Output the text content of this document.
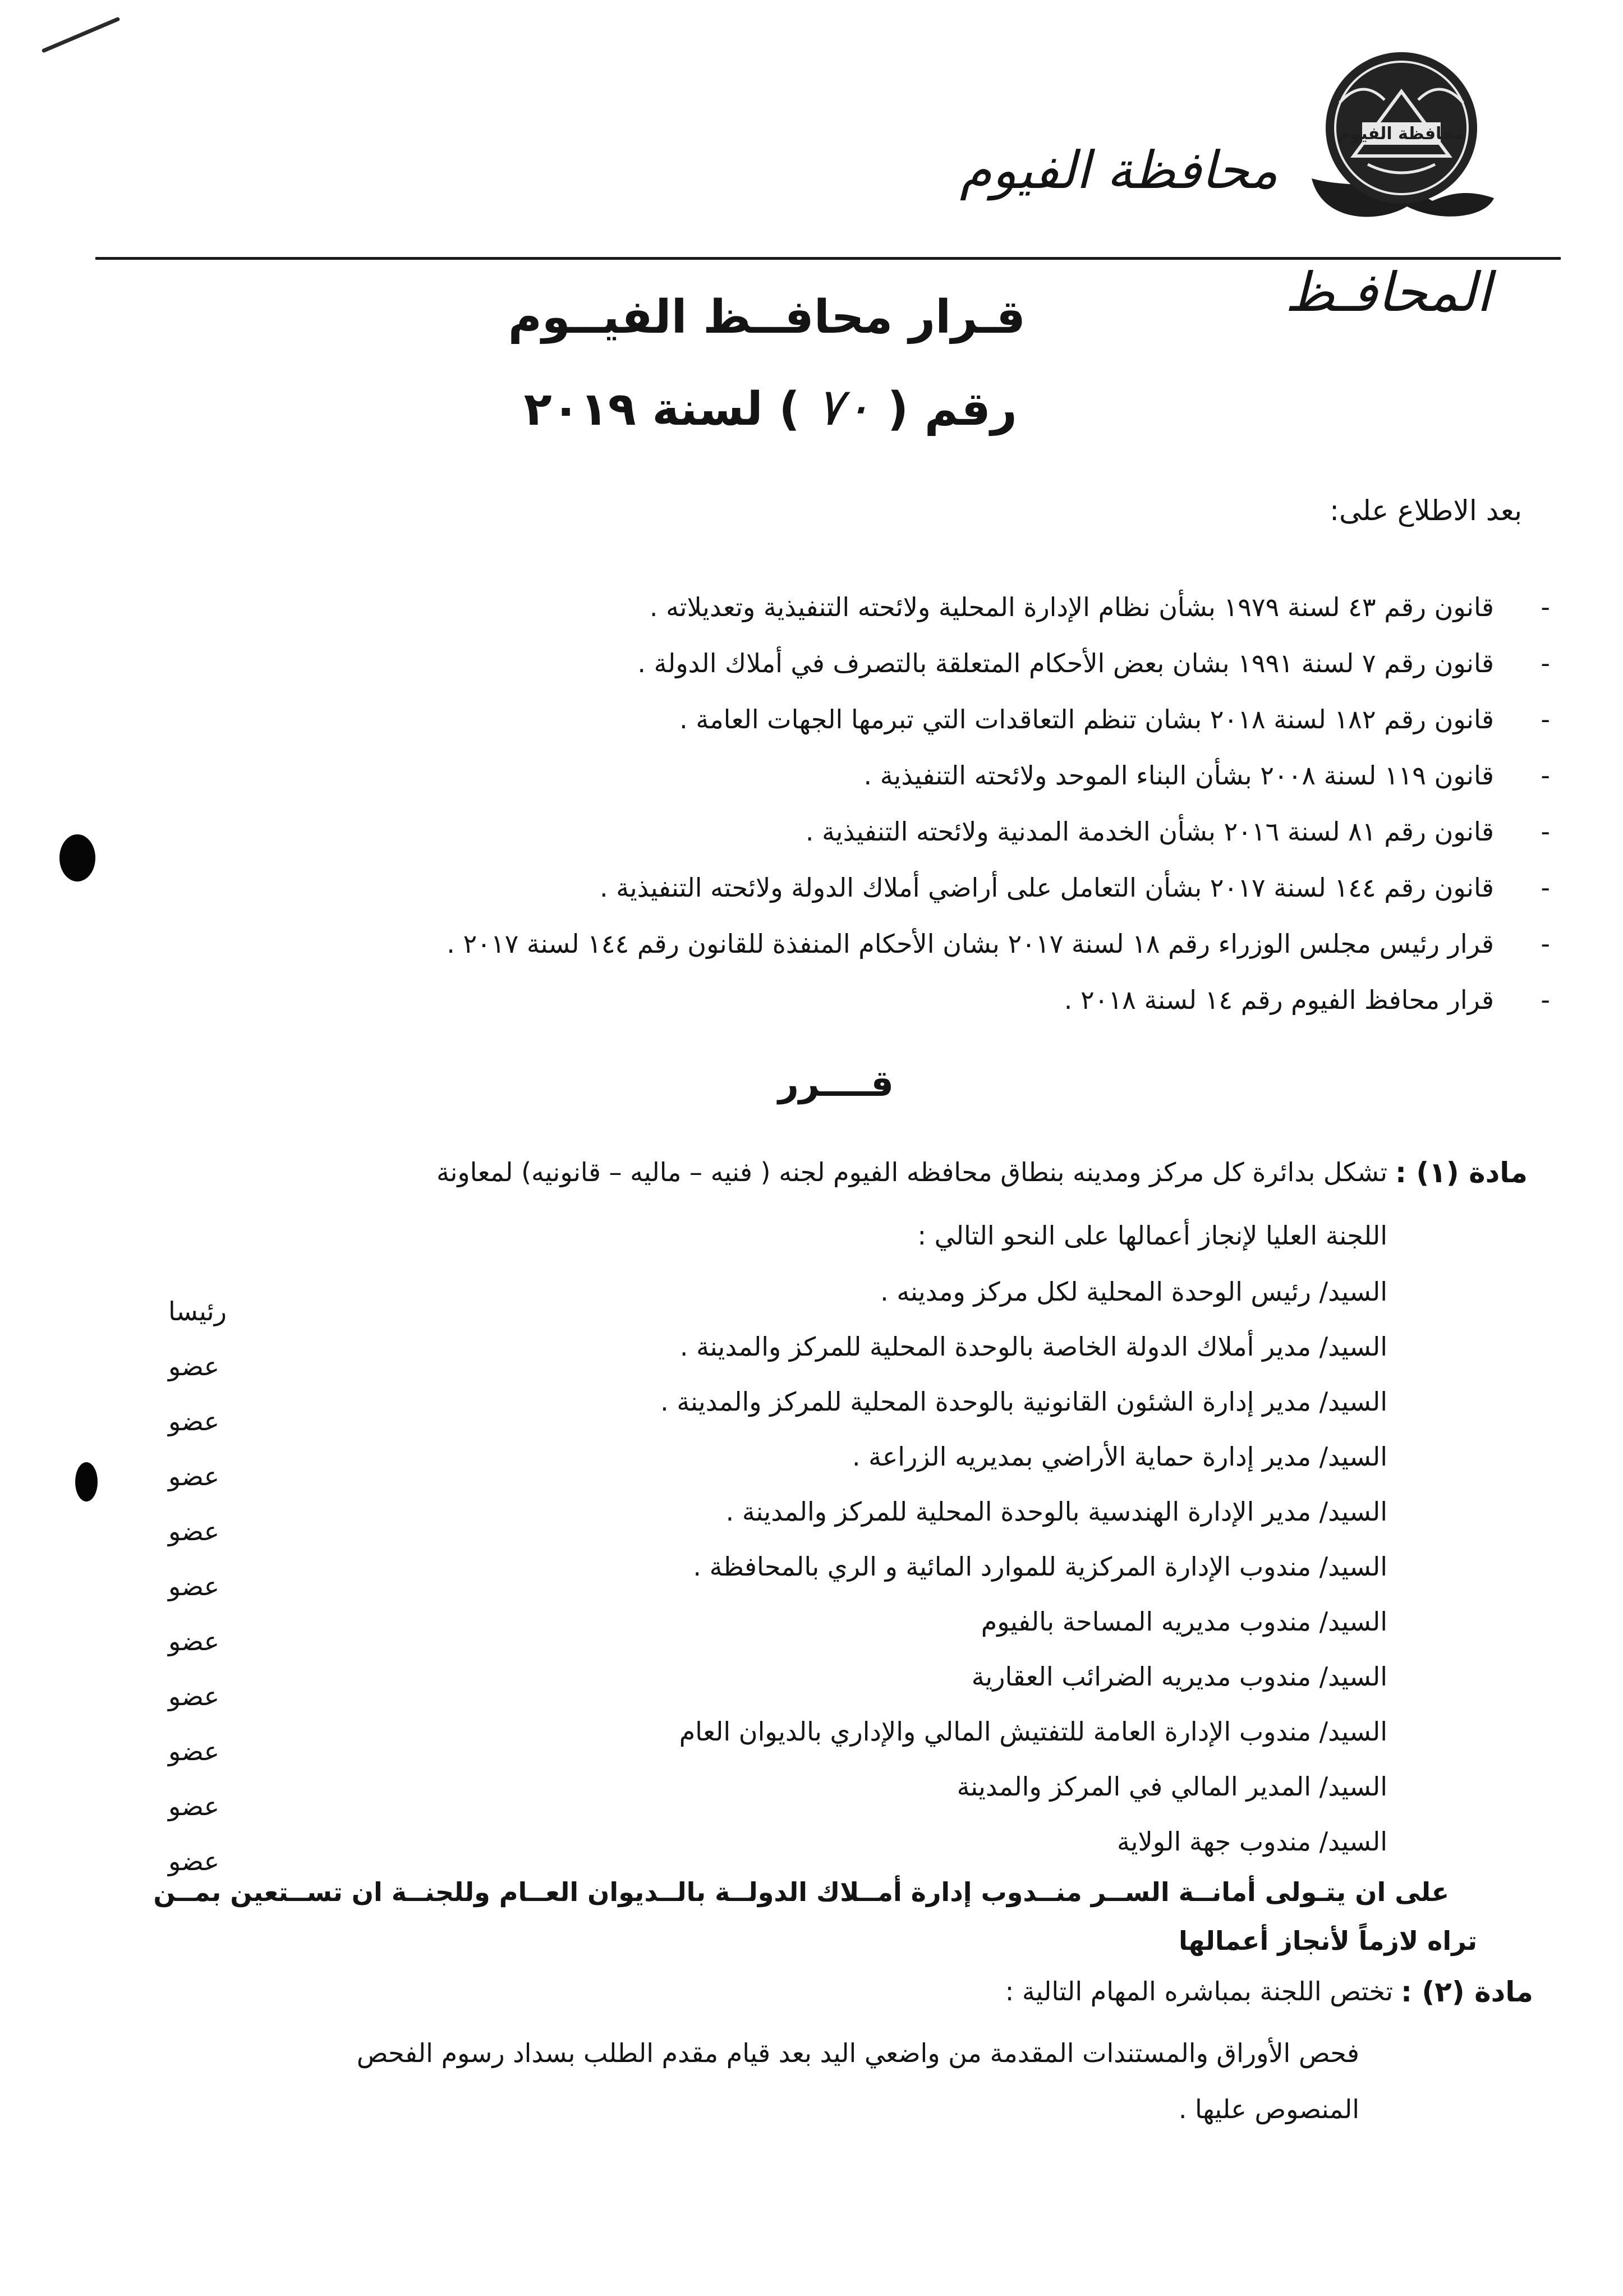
محافظة الفيوم
محافظة الفيوم
المحافـظ
قـرار محافــظ الفيــوم
رقم ( ٧٠ ) لسنة ٢٠١٩
بعد الاطلاع على:
-
قانون رقم ٤٣ لسنة ١٩٧٩ بشأن نظام الإدارة المحلية ولائحته التنفيذية وتعديلاته .
-
قانون رقم ٧ لسنة ١٩٩١ بشان بعض الأحكام المتعلقة بالتصرف في أملاك الدولة .
-
قانون رقم ١٨٢ لسنة ٢٠١٨ بشان تنظم التعاقدات التي تبرمها الجهات العامة .
-
قانون ١١٩ لسنة ٢٠٠٨ بشأن البناء الموحد ولائحته التنفيذية .
-
قانون رقم ٨١ لسنة ٢٠١٦ بشأن الخدمة المدنية ولائحته التنفيذية .
-
قانون رقم ١٤٤ لسنة ٢٠١٧ بشأن التعامل على أراضي أملاك الدولة ولائحته التنفيذية .
-
قرار رئيس مجلس الوزراء رقم ١٨ لسنة ٢٠١٧ بشان الأحكام المنفذة للقانون رقم ١٤٤ لسنة ٢٠١٧ .
-
قرار محافظ الفيوم رقم ١٤ لسنة ٢٠١٨ .
قــــرر
مادة (١) :
تشكل بدائرة كل مركز ومدينه بنطاق محافظه الفيوم لجنه ( فنيه – ماليه – قانونيه) لمعاونة
اللجنة العليا لإنجاز أعمالها على النحو التالي :
السيد/ رئيس الوحدة المحلية لكل مركز ومدينه .
رئيسا
السيد/ مدير أملاك الدولة الخاصة بالوحدة المحلية للمركز والمدينة .
عضو
السيد/ مدير إدارة الشئون القانونية بالوحدة المحلية للمركز والمدينة .
عضو
السيد/ مدير إدارة حماية الأراضي بمديريه الزراعة .
عضو
السيد/ مدير الإدارة الهندسية بالوحدة المحلية للمركز والمدينة .
عضو
السيد/ مندوب الإدارة المركزية للموارد المائية و الري بالمحافظة .
عضو
السيد/ مندوب مديريه المساحة بالفيوم
عضو
السيد/ مندوب مديريه الضرائب العقارية
عضو
السيد/ مندوب الإدارة العامة للتفتيش المالي والإداري بالديوان العام
عضو
السيد/ المدير المالي في المركز والمدينة
عضو
السيد/ مندوب جهة الولاية
عضو
على ان يتـولى أمانــة الســر منــدوب إدارة أمــلاك الدولــة بالــديوان العــام وللجنــة ان تســتعين بمــن
تراه لازماً لأنجاز أعمالها
مادة (٢) :
تختص اللجنة بمباشره المهام التالية :
فحص الأوراق والمستندات المقدمة من واضعي اليد بعد قيام مقدم الطلب بسداد رسوم الفحص
المنصوص عليها .
